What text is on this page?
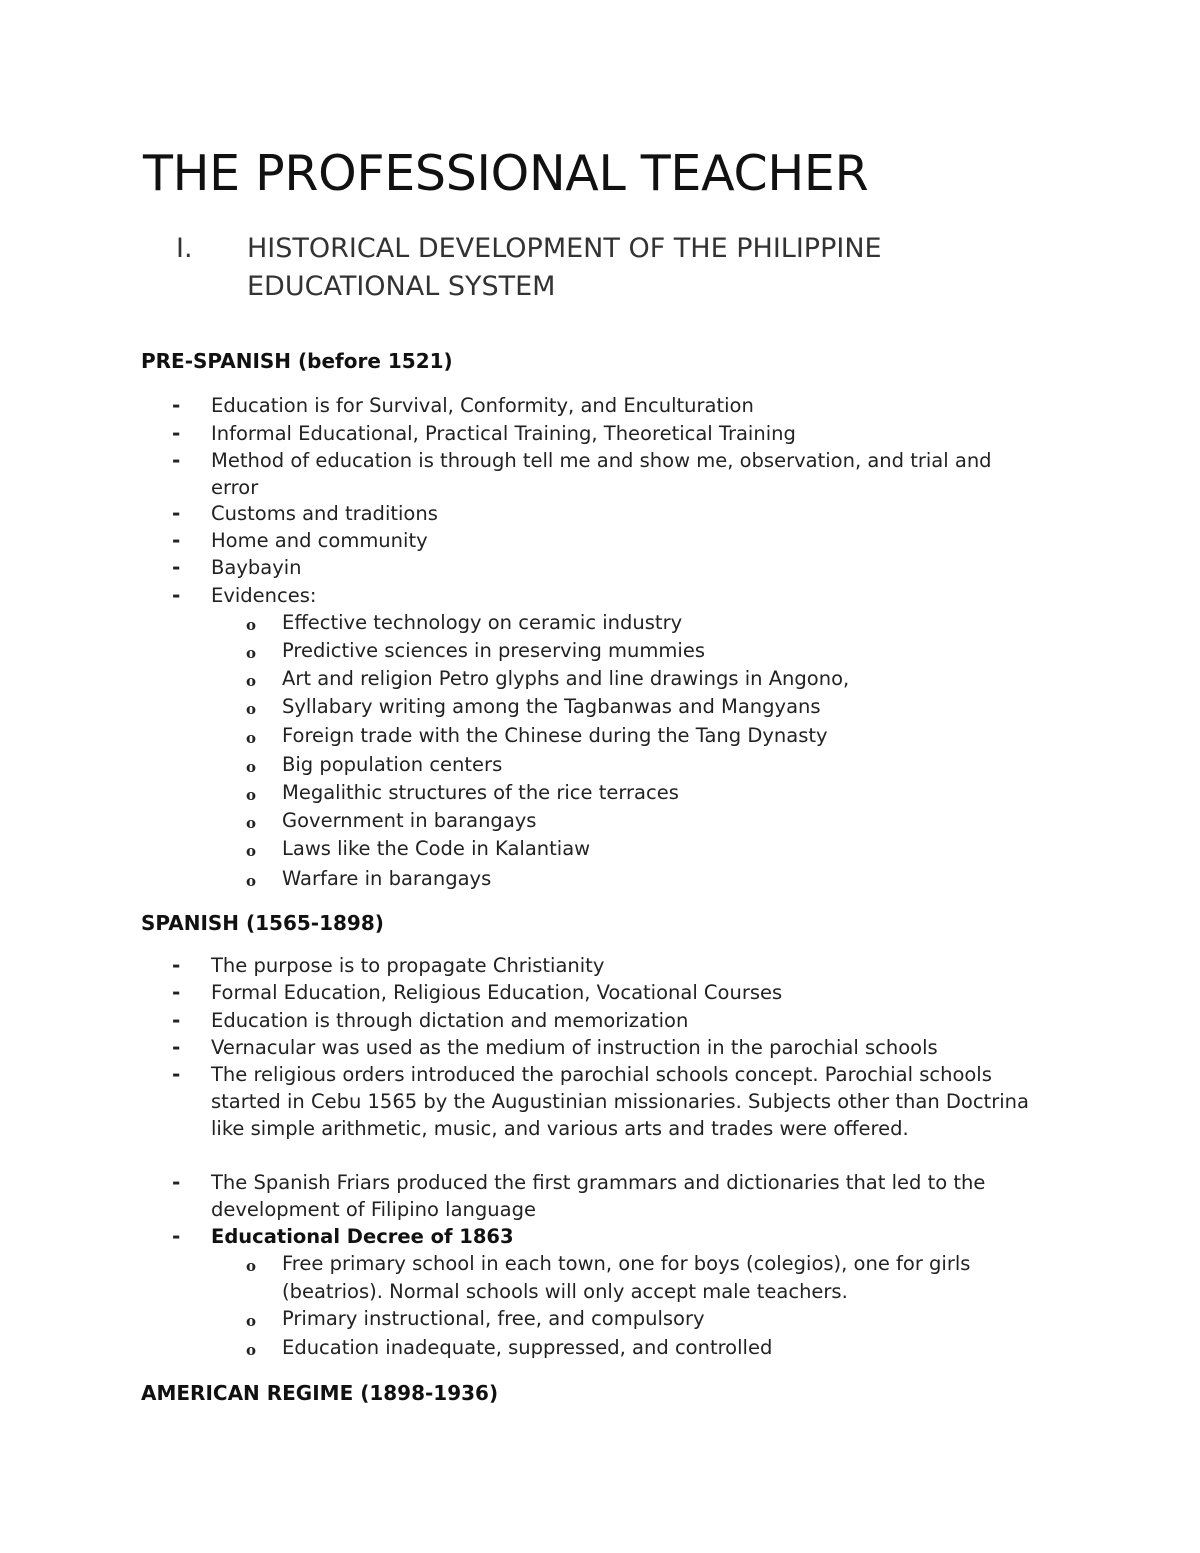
THE PROFESSIONAL TEACHER
I. HISTORICAL DEVELOPMENT OF THE PHILIPPINE
EDUCATIONAL SYSTEM
PRE-SPANISH (before 1521)
- Education is for Survival, Conformity, and Enculturation
- Informal Educational, Practical Training, Theoretical Training
- Method of education is through tell me and show me, observation, and trial and error
- Customs and traditions
- Home and community
- Baybayin
- Evidences:
o Effective technology on ceramic industry
o Predictive sciences in preserving mummies
o Art and religion Petro glyphs and line drawings in Angono,
o Syllabary writing among the Tagbanwas and Mangyans
o Foreign trade with the Chinese during the Tang Dynasty
o Big population centers
o Megalithic structures of the rice terraces
o Government in barangays
o Laws like the Code in Kalantiaw
o Warfare in barangays
SPANISH (1565-1898)
- The purpose is to propagate Christianity
- Formal Education, Religious Education, Vocational Courses
- Education is through dictation and memorization
- Vernacular was used as the medium of instruction in the parochial schools
- The religious orders introduced the parochial schools concept. Parochial schools started in Cebu 1565 by the Augustinian missionaries. Subjects other than Doctrina like simple arithmetic, music, and various arts and trades were offered.
- The Spanish Friars produced the first grammars and dictionaries that led to the development of Filipino language
- Educational Decree of 1863
o Free primary school in each town, one for boys (colegios), one for girls (beatrios). Normal schools will only accept male teachers.
o Primary instructional, free, and compulsory
o Education inadequate, suppressed, and controlled
AMERICAN REGIME (1898-1936)
